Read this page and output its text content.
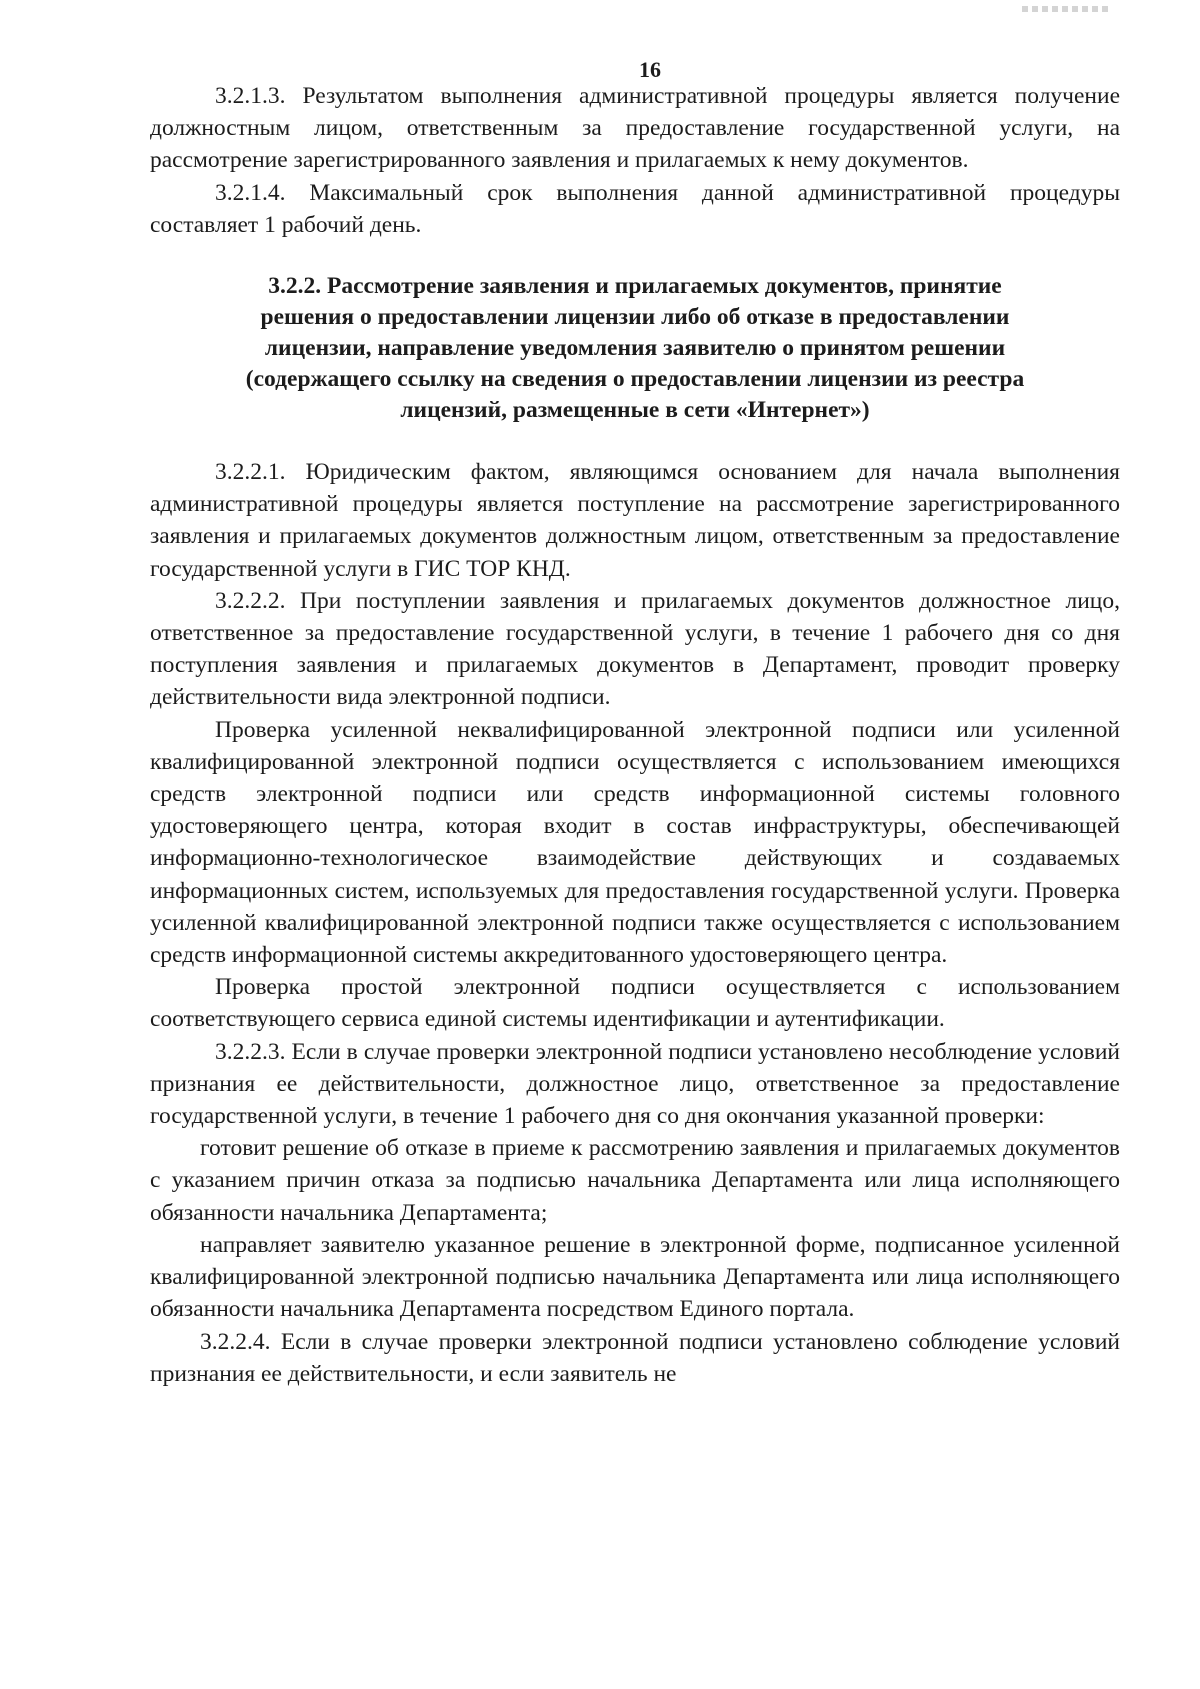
16

3.2.1.3. Результатом выполнения административной процедуры является получение должностным лицом, ответственным за предоставление государственной услуги, на рассмотрение зарегистрированного заявления и прилагаемых к нему документов.

3.2.1.4. Максимальный срок выполнения данной административной процедуры составляет 1 рабочий день.

3.2.2. Рассмотрение заявления и прилагаемых документов, принятие
решения о предоставлении лицензии либо об отказе в предоставлении
лицензии, направление уведомления заявителю о принятом решении
(содержащего ссылку на сведения о предоставлении лицензии из реестра
лицензий, размещенные в сети «Интернет»)

3.2.2.1. Юридическим фактом, являющимся основанием для начала выполнения административной процедуры является поступление на рассмотрение зарегистрированного заявления и прилагаемых документов должностным лицом, ответственным за предоставление государственной услуги в ГИС ТОР КНД.

3.2.2.2. При поступлении заявления и прилагаемых документов должностное лицо, ответственное за предоставление государственной услуги, в течение 1 рабочего дня со дня поступления заявления и прилагаемых документов в Департамент, проводит проверку действительности вида электронной подписи.

Проверка усиленной неквалифицированной электронной подписи или усиленной квалифицированной электронной подписи осуществляется с использованием имеющихся средств электронной подписи или средств информационной системы головного удостоверяющего центра, которая входит в состав инфраструктуры, обеспечивающей информационно-технологическое взаимодействие действующих и создаваемых информационных систем, используемых для предоставления государственной услуги. Проверка усиленной квалифицированной электронной подписи также осуществляется с использованием средств информационной системы аккредитованного удостоверяющего центра.

Проверка простой электронной подписи осуществляется с использованием соответствующего сервиса единой системы идентификации и аутентификации.

3.2.2.3. Если в случае проверки электронной подписи установлено несоблюдение условий признания ее действительности, должностное лицо, ответственное за предоставление государственной услуги, в течение 1 рабочего дня со дня окончания указанной проверки:

готовит решение об отказе в приеме к рассмотрению заявления и прилагаемых документов с указанием причин отказа за подписью начальника Департамента или лица исполняющего обязанности начальника Департамента;

направляет заявителю указанное решение в электронной форме, подписанное усиленной квалифицированной электронной подписью начальника Департамента или лица исполняющего обязанности начальника Департамента посредством Единого портала.

3.2.2.4. Если в случае проверки электронной подписи установлено соблюдение условий признания ее действительности, и если заявитель не
